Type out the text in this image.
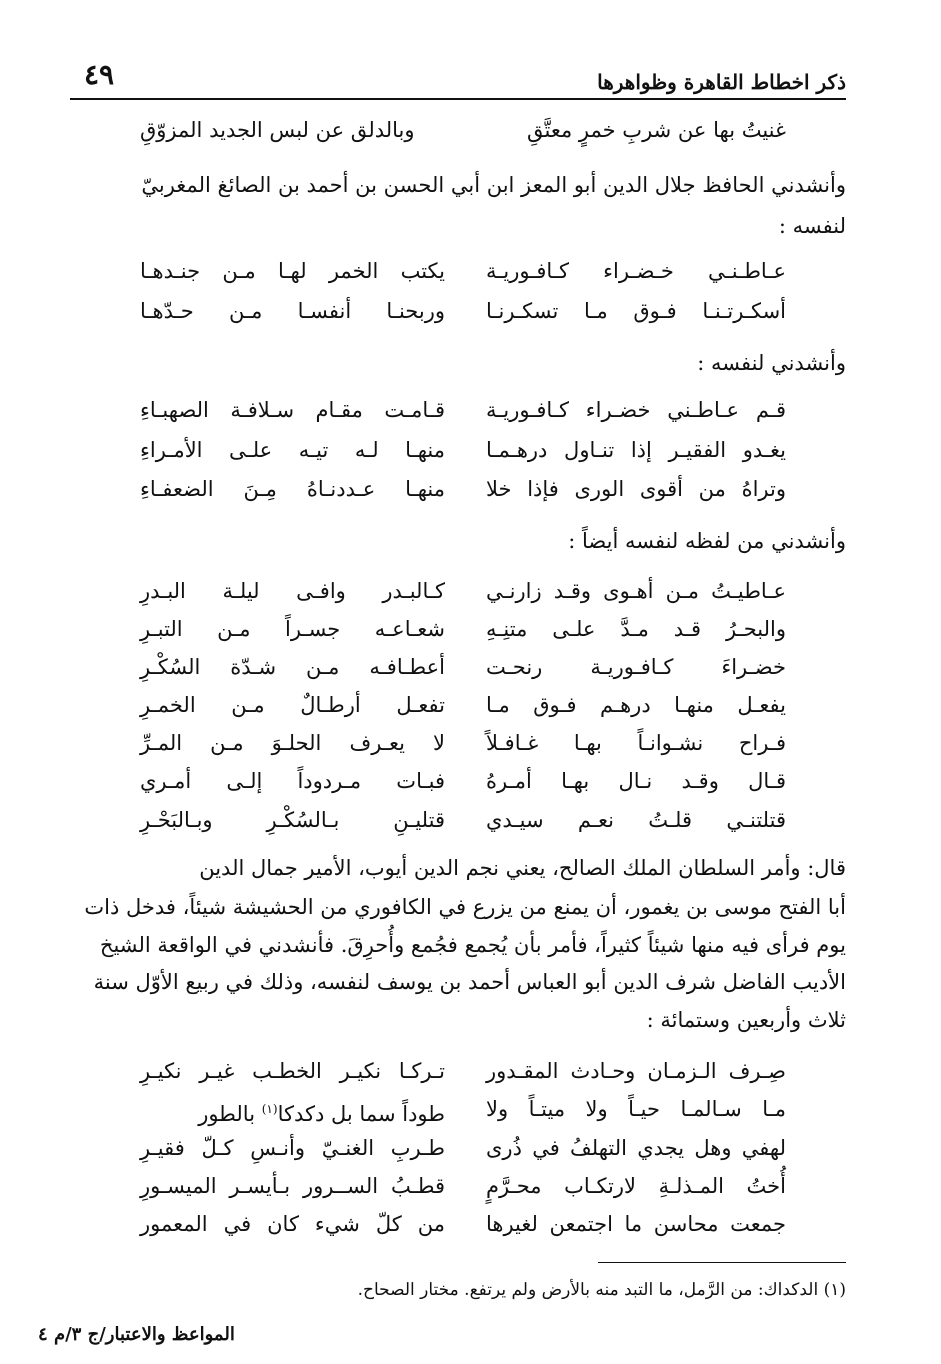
ذكر اخطاط القاهرة وظواهرها
٤٩
غنيتُ بها عن شربِ خمرٍ معتَّقِ
وبالدلق عن لبس الجديد المزوّقِ
وأنشدني الحافظ جلال الدين أبو المعز ابن أبي الحسن بن أحمد بن الصائغ المغربيّ
لنفسه :
عـاطـنـي خـضـراء كـافـوريـة
يكتب الخمر لهـا مـن جنـدهـا
أسكـرتـنـا فـوق مـا تسكـرنـا
وربحنـا أنفسـا مـن حـدّهـا
وأنشدني لنفسه :
قـم عـاطـني خضـراء كـافـوريـة
قـامـت مقـام سـلافـة الصهبـاءِ
يغـدو الفقيـر إذا تنـاول درهـمـا
منهـا لـه تيـه علـى الأمـراءِ
وتراهُ من أقوى الورى فإذا خلا
منهـا عـددنـاهُ مِـنَ الضعفـاءِ
وأنشدني من لفظه لنفسه أيضاً :
عـاطيـتُ مـن أهـوى وقـد زارنـي
كـالبـدر وافـى ليلـة البـدرِ
والبحـرُ قـد مـدَّ علـى متنِـهِ
شعـاعـه جسـراً مـن التبـرِ
خضـراءَ كـافـوريـة رنحـت
أعطـافـه مـن شـدّة السُكْـرِ
يفعـل منهـا درهـم فـوق مـا
تفعـل أرطـالٌ مـن الخمـرِ
فـراح نشـوانـاً بهـا غـافـلاً
لا يعـرف الحلـوَ مـن المـرِّ
قـال وقـد نـال بهـا أمـرهُ
فبـات مـردوداً إلـى أمـري
قتلتنـي قلـتُ نعـم سيـدي
قتليـنِ بـالسُكْـرِ وبـالبَحْـرِ
قال: وأمر السلطان الملك الصالح، يعني نجم الدين أيوب، الأمير جمال الدين
أبا الفتح موسى بن يغمور، أن يمنع من يزرع في الكافوري من الحشيشة شيئاً، فدخل ذات
يوم فرأى فيه منها شيئاً كثيراً، فأمر بأن يُجمع فجُمع وأُحرِقَ. فأنشدني في الواقعة الشيخ
الأديب الفاضل شرف الدين أبو العباس أحمد بن يوسف لنفسه، وذلك في ربيع الأوّل سنة
ثلاث وأربعين وستمائة :
صِـرف الـزمـان وحـادث المقـدور
تـركـا نكيـر الخطـب غيـر نكيـرِ
مـا سـالمـا حيـاً ولا ميتـاً ولا
طوداً سما بل دكدكا$^{(١)}$ بالطور
لهفي وهل يجدي التهلفُ في ذُرى
طـربِ الغنـيّ وأنـسِ كـلّ فقيـرِ
أُختُ المـذلـةِ لارتكـاب محـرَّمٍ
قطـبُ الســرور بـأيسـر الميسـورِ
جمعت محاسن ما اجتمعن لغيرها
من كلّ شيء كان في المعمور
(١) الدكداك: من الرَّمل، ما التبد منه بالأرض ولم يرتفع. مختار الصحاح.
المواعظ والاعتبار/ج ٣/م ٤
